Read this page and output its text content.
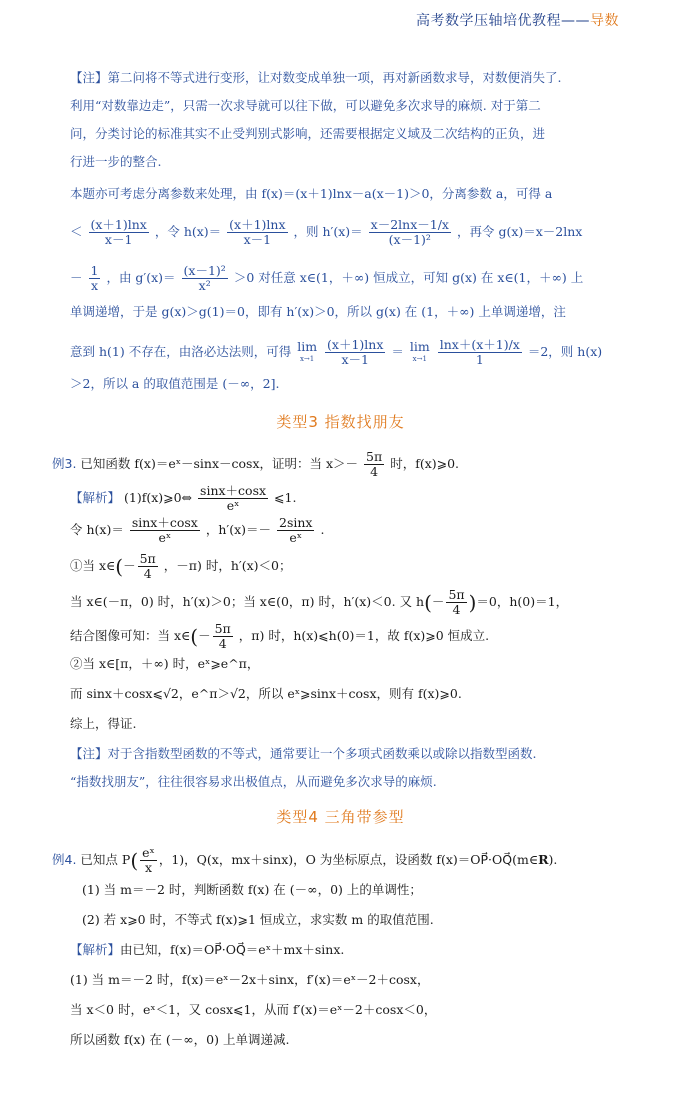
高考数学压轴培优教程——导数
【注】第二问将不等式进行变形，让对数变成单独一项，再对新函数求导，对数便消失了.
利用“对数靠边走”，只需一次求导就可以往下做，可以避免多次求导的麻烦. 对于第二
问，分类讨论的标准其实不止受判别式影响，还需要根据定义域及二次结构的正负，进
行进一步的整合.
本题亦可考虑分离参数来处理，由 f(x)＝(x＋1)lnx－a(x－1)＞0，分离参数 a，可得 a
＜ $\frac{(x+1)\ln x}{x-1}$ ，令 $h(x)= \frac{(x+1)\ln x}{x-1}$ ，则 $h'(x)= \frac{x-2\ln x-1/x}{\text{(x－1)²}}$ ，再令 g(x)＝x－2lnx
－ $\frac{1}{x}$ ，由 $g'(x)= \frac{\text{(x－1)²}}{\text{x²}} >0$ 对任意 x∈(1，＋∞) 恒成立，可知 g(x) 在 x∈(1，＋∞) 上
单调递增，于是 g(x)＞g(1)＝0，即有 h′(x)＞0，所以 g(x) 在 (1，＋∞) 上单调递增，注
意到 h(1) 不存在，由洛必达法则，可得 lim
x→1
$\frac{(x+1)\ln x}{x-1} = \lim$
x→1
$\frac{\ln x+(x+1)/x}{1} =2$，则 h(x)
＞2，所以 a 的取值范围是 (－∞，2].
类型3 指数找朋友
例3. 已知函数 f(x)＝eˣ－sinx－cosx，证明：当 $x>- \frac{5\pi}{4}$ 时，f(x)⩾0.
【解析】 (1)f(x)⩾0⇔ $\frac{\sin x+\cos x}{\text{eˣ}}$ ⩽1.
令 $h(x)= \frac{\sin x+\cos x}{\text{eˣ}}$ ，$h'(x)=- \frac{2\sin x}{\text{eˣ}}$ .
①当 x∈(－ $\frac{5\pi}{4}$ ，－π) 时，h′(x)＜0；
当 x∈(－π，0) 时，h′(x)＞0；当 x∈(0，π) 时，h′(x)＜0. 又 $h(- \frac{5\pi}{4} )=0$，h(0)＝1，
结合图像可知：当 x∈(－ $\frac{5\pi}{4}$ ，π) 时，h(x)⩽h(0)＝1，故 f(x)⩾0 恒成立.
②当 x∈[π，＋∞) 时，eˣ⩾e^π，
而 sinx＋cosx⩽√2，e^π＞√2，所以 eˣ⩾sinx＋cosx，则有 f(x)⩾0.
综上，得证.
【注】对于含指数型函数的不等式，通常要让一个多项式函数乘以或除以指数型函数.
“指数找朋友”，往往很容易求出极值点，从而避免多次求导的麻烦.
类型4 三角带参型
例4. 已知点 $P( \frac{\text{eˣ}}{x}$ ，1)，Q(x，mx＋sinx)，O 为坐标原点，设函数 f(x)＝OP⃗·OQ⃗(m∈R).
(1) 当 m＝－2 时，判断函数 f(x) 在 (－∞，0) 上的单调性；
(2) 若 x⩾0 时，不等式 f(x)⩾1 恒成立，求实数 m 的取值范围.
【解析】由已知，f(x)＝OP⃗·OQ⃗＝eˣ＋mx＋sinx.
(1) 当 m＝－2 时，f(x)＝eˣ－2x＋sinx，f′(x)＝eˣ－2＋cosx，
当 x＜0 时，eˣ＜1，又 cosx⩽1，从而 f′(x)＝eˣ－2＋cosx＜0，
所以函数 f(x) 在 (－∞，0) 上单调递减.
